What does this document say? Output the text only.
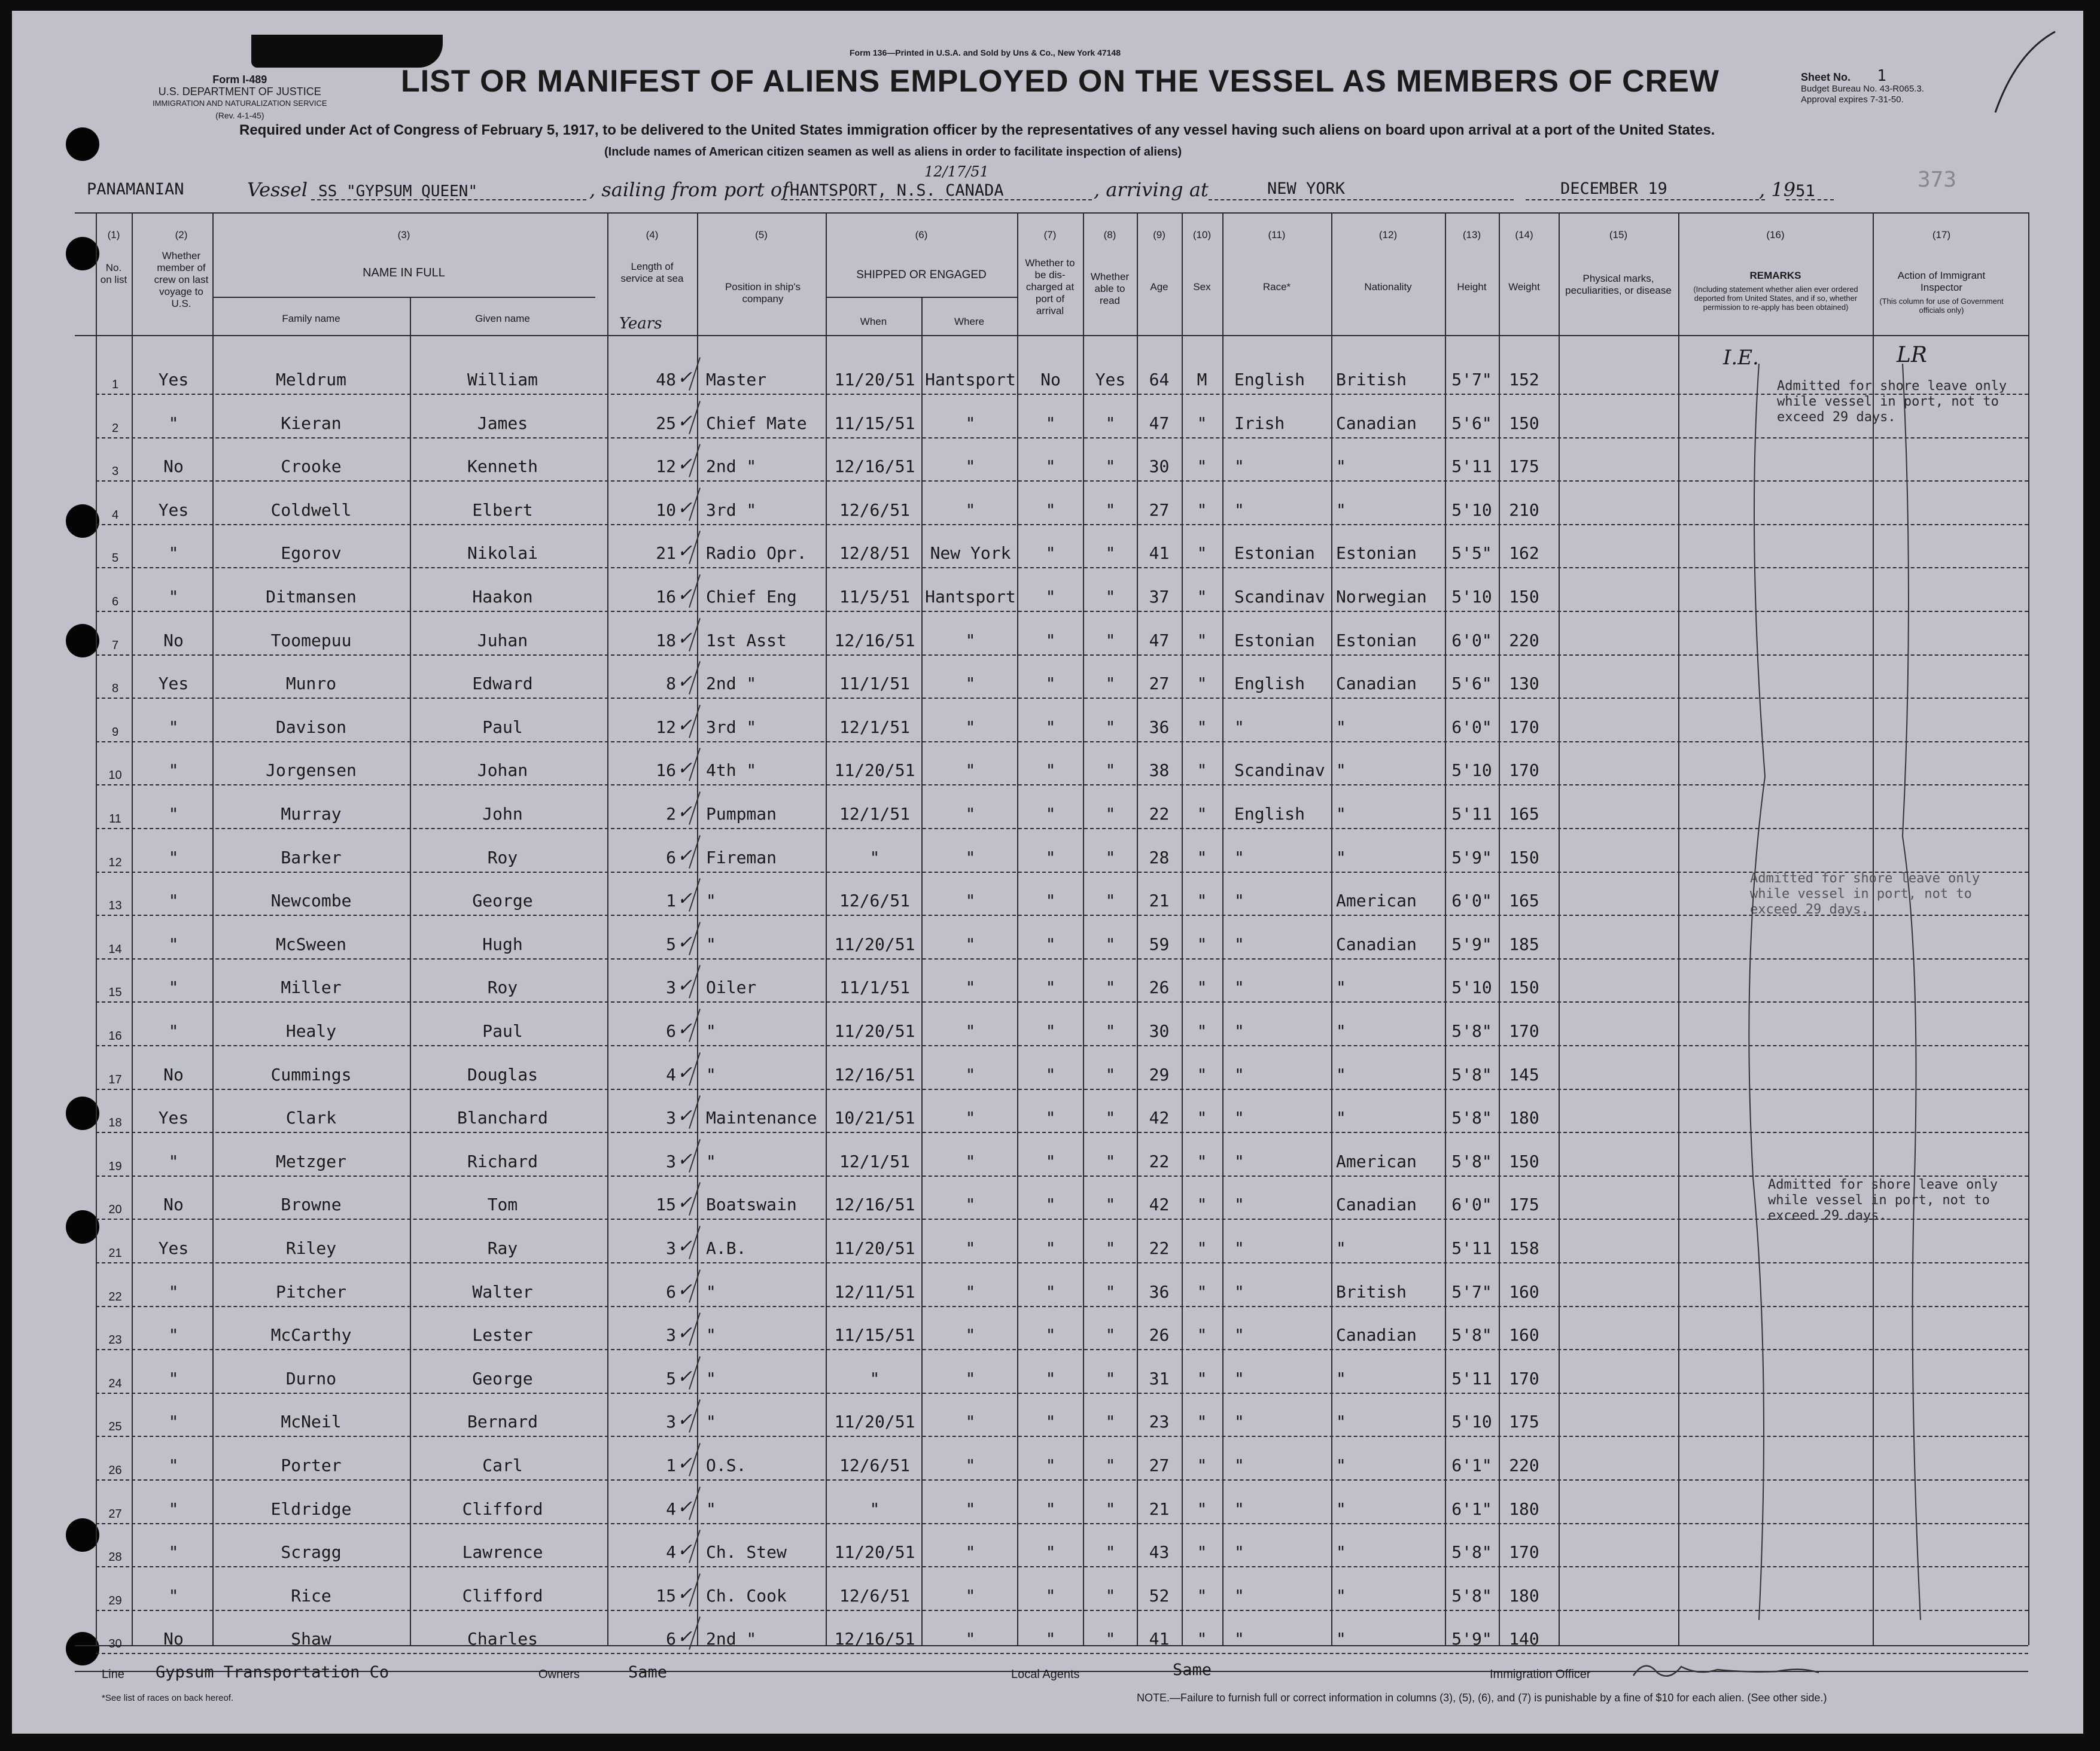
Form I-489
U.S. DEPARTMENT OF JUSTICE
IMMIGRATION AND NATURALIZATION SERVICE
(Rev. 4-1-45)
Form 136—Printed in U.S.A. and Sold by Uns & Co., New York 47148
LIST OR MANIFEST OF ALIENS EMPLOYED ON THE VESSEL AS MEMBERS OF CREW	Sheet No. 1
Budget Bureau No. 43-R065.3.
Approval expires 7-31-50.
Required under Act of Congress of February 5, 1917, to be delivered to the United States immigration officer by the representatives of any vessel having such aliens on board upon arrival at a port of the United States.
(Include names of American citizen seamen as well as aliens in order to facilitate inspection of aliens)
PANAMANIAN	Vessel SS "GYPSUM QUEEN"	, sailing from port of HANTSPORT, N.S. CANADA
12/17/51
, arriving at	NEW YORK	DECEMBER 19	, 1951	373
(1)
No. on list
(2)
Whether member of crew on last voyage to U.S.
(3)
NAME IN FULL
Family name	Given name
(4)
Length of service at sea
Years
(5)
Position in ship's company
(6)
SHIPPED OR ENGAGED
When	Where
(7)
Whether to be dis-charged at port of arrival
(8)
Whether able to read
(9)
Age
(10)
Sex
(11)
Race*
(12)
Nationality
(13)
Height
(14)
Weight
(15)
Physical marks, peculiarities, or disease
(16)
REMARKS
(Including statement whether alien ever ordered deported from United States, and if so, whether permission to re-apply has been obtained)
(17)
Action of Immigrant Inspector
(This column for use of Government officials only)
1	Yes	Meldrum	William	48 Master	11/20/51 Hantsport	No	Yes	64	M	English	British	5'7"	152
✓
2	"	Kieran	James	25 Chief Mate	11/15/51	"	"	"	47	"	Irish	Canadian	5'6"	150
✓
3	No	Crooke	Kenneth	12 2nd "	12/16/51	"	"	"	30	"	"	"	5'11	175
✓
4	Yes	Coldwell	Elbert	10 3rd "	12/6/51	"	"	"	27	"	"	"	5'10	210
✓
5	"	Egorov	Nikolai	21 Radio Opr.	12/8/51	New York	"	"	41	"	Estonian	Estonian	5'5"	162
✓
6	"	Ditmansen	Haakon	16 Chief Eng	11/5/51 Hantsport	"	"	37	"	Scandinav Norwegian	5'10	150
✓
7	No	Toomepuu	Juhan	18 1st Asst	12/16/51	"	"	"	47	"	Estonian	Estonian	6'0"	220
✓
8	Yes	Munro	Edward	8 2nd "	11/1/51	"	"	"	27	"	English	Canadian	5'6"	130
✓
9	"	Davison	Paul	12 3rd "	12/1/51	"	"	"	36	"	"	"	6'0"	170
✓
10	"	Jorgensen	Johan	16 4th "	11/20/51	"	"	"	38	"	Scandinav "	5'10	170
✓
11	"	Murray	John	2 Pumpman	12/1/51	"	"	"	22	"	English	"	5'11	165
✓
12	"	Barker	Roy	6 Fireman	"	"	"	"	28	"	"	"	5'9"	150
✓
13	"	Newcombe	George	1 "	12/6/51	"	"	"	21	"	"	American	6'0"	165
✓
14	"	McSween	Hugh	5 "	11/20/51	"	"	"	59	"	"	Canadian	5'9"	185
✓
15	"	Miller	Roy	3 Oiler	11/1/51	"	"	"	26	"	"	"	5'10	150
✓
16	"	Healy	Paul	6 "	11/20/51	"	"	"	30	"	"	"	5'8"	170
✓
17	No	Cummings	Douglas	4 "	12/16/51	"	"	"	29	"	"	"	5'8"	145
✓
18	Yes	Clark	Blanchard	3 Maintenance	10/21/51	"	"	"	42	"	"	"	5'8"	180
✓
19	"	Metzger	Richard	3 "	12/1/51	"	"	"	22	"	"	American	5'8"	150
✓
20	No	Browne	Tom	15 Boatswain	12/16/51	"	"	"	42	"	"	Canadian	6'0"	175
✓
21	Yes	Riley	Ray	3 A.B.	11/20/51	"	"	"	22	"	"	"	5'11	158
✓
22	"	Pitcher	Walter	6 "	12/11/51	"	"	"	36	"	"	British	5'7"	160
✓
23	"	McCarthy	Lester	3 "	11/15/51	"	"	"	26	"	"	Canadian	5'8"	160
✓
24	"	Durno	George	5 "	"	"	"	"	31	"	"	"	5'11	170
✓
25	"	McNeil	Bernard	3 "	11/20/51	"	"	"	23	"	"	"	5'10	175
✓
26	"	Porter	Carl	1 O.S.	12/6/51	"	"	"	27	"	"	"	6'1"	220
✓
27	"	Eldridge	Clifford	4 "	"	"	"	"	21	"	"	"	6'1"	180
✓
28	"	Scragg	Lawrence	4 Ch. Stew	11/20/51	"	"	"	43	"	"	"	5'8"	170
✓
29	"	Rice	Clifford	15 Ch. Cook	12/6/51	"	"	"	52	"	"	"	5'8"	180
✓
30	No	Shaw	Charles	6 2nd "	12/16/51	"	"	"	41	"	"	"	5'9"	140
✓
I.E.	LR
Admitted for shore leave only while vessel in port, not to exceed 29 days.
Admitted for shore leave only while vessel in port, not to exceed 29 days.
Admitted for shore leave only while vessel in port, not to exceed 29 days.
Line Gypsum Transportation Co	Owners	Same	Local Agents	Same	Immigration Officer
*See list of races on back hereof.	NOTE.—Failure to furnish full or correct information in columns (3), (5), (6), and (7) is punishable by a fine of $10 for each alien. (See other side.)
